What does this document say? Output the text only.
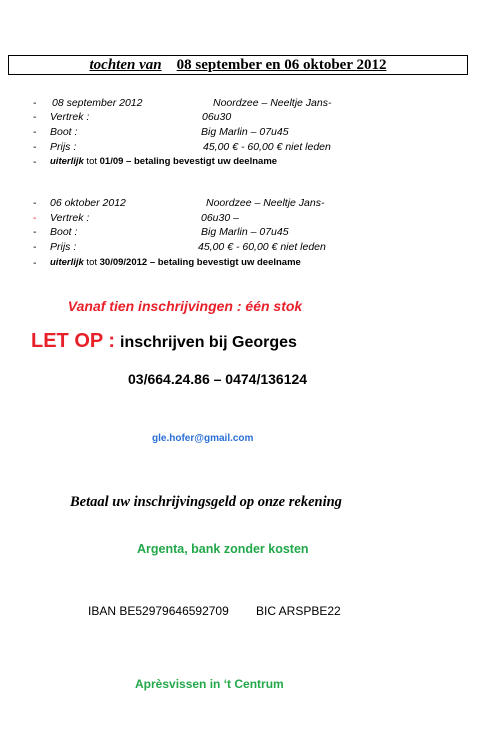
tochten van 08 september en 06 oktober 2012
- 08 september 2012	Noordzee – Neeltje Jans-
- Vertrek :	06u30
- Boot :	Big Marlin – 07u45
- Prijs :	45,00 € - 60,00 € niet leden
- uiterlijk tot 01/09 – betaling bevestigt uw deelname
- 06 oktober 2012	Noordzee – Neeltje Jans-
- Vertrek :	06u30 –
- Boot :	Big Marlin – 07u45
- Prijs :	45,00 € - 60,00 € niet leden
- uiterlijk tot 30/09/2012 – betaling bevestigt uw deelname
Vanaf tien inschrijvingen : één stok
LET OP : inschrijven bij Georges
03/664.24.86 – 0474/136124
gle.hofer@gmail.com
Betaal uw inschrijvingsgeld op onze rekening
Argenta, bank zonder kosten
IBAN BE52979646592709 BIC ARSPBE22
Aprèsvissen in ‘t Centrum
